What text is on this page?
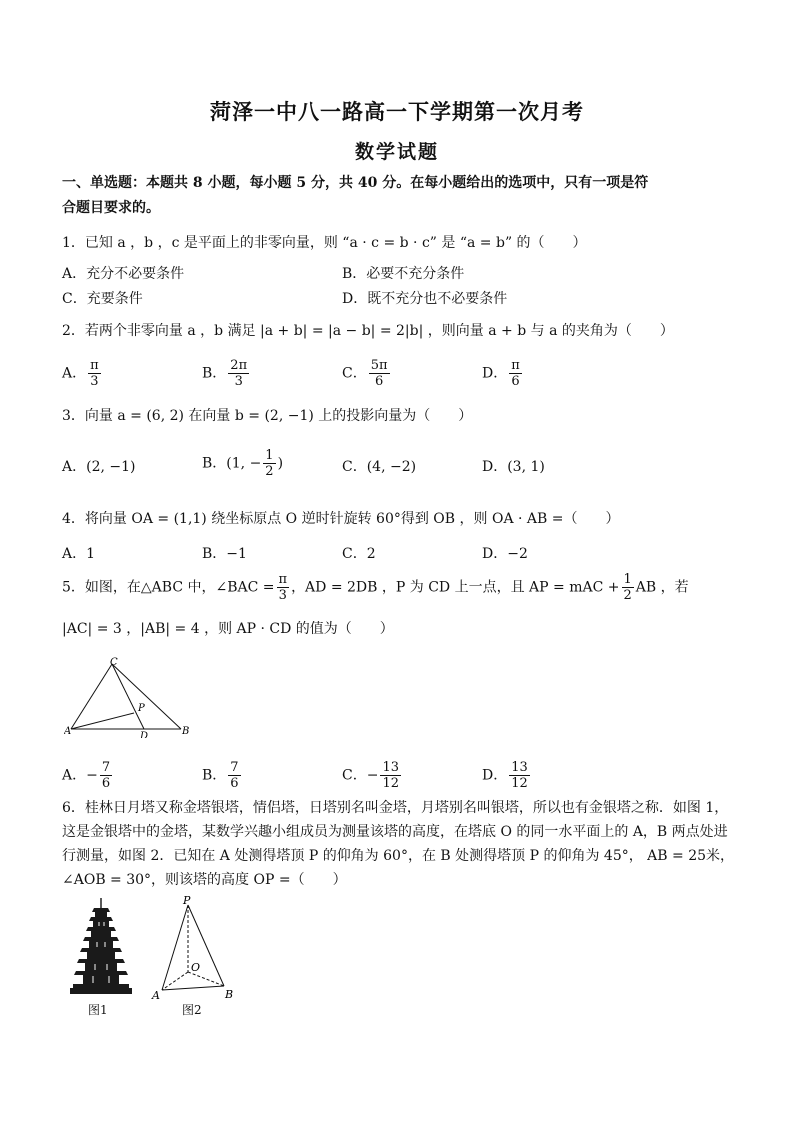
菏泽一中八一路高一下学期第一次月考
数学试题
一、单选题：本题共 8 小题，每小题 5 分，共 40 分。在每小题给出的选项中，只有一项是符
合题目要求的。
1．已知 a ，b ，c 是平面上的非零向量，则 “a · c = b · c” 是 “a = b” 的（　　）
A．充分不必要条件	B．必要不充分条件
C．充要条件	D．既不充分也不必要条件
2．若两个非零向量 a ，b 满足 |a + b| = |a − b| = 2|b| ，则向量 a + b 与 a 的夹角为（　　）
A． $\frac{\pi}{3}$	B． $\frac{2\pi}{3}$	C． $\frac{5\pi}{6}$	D． $\frac{\pi}{6}$
3．向量 a = (6, 2) 在向量 b = (2, −1) 上的投影向量为（　　）
A．(2, −1)	B．(1, − $\frac{1}{2}$ )	C．(4, −2)	D．(3, 1)
4．将向量 OA = (1,1) 绕坐标原点 O 逆时针旋转 60°得到 OB ，则 OA · AB =（　　）
A．1	B．−1	C．2	D．−2
5．如图，在△ABC 中，∠BAC = $\frac{\pi}{3}$ ，AD = 2DB ，P 为 CD 上一点，且 AP = mAC + $\frac{1}{2}$ AB ，若
|AC| = 3 ，|AB| = 4 ，则 AP · CD 的值为（　　）
C
P
A	D	B
A．− $\frac{7}{6}$	B． $\frac{7}{6}$	C．− $\frac{13}{12}$	D． $\frac{13}{12}$
6．桂林日月塔又称金塔银塔，情侣塔，日塔别名叫金塔，月塔别名叫银塔，所以也有金银塔之称．如图 1，
这是金银塔中的金塔，某数学兴趣小组成员为测量该塔的高度，在塔底 O 的同一水平面上的 A，B 两点处进
行测量，如图 2．已知在 A 处测得塔顶 P 的仰角为 60°，在 B 处测得塔顶 P 的仰角为 45°， AB = 25米，
∠AOB = 30°，则该塔的高度 OP =（　　）
图1
P
O
A	B
图2
